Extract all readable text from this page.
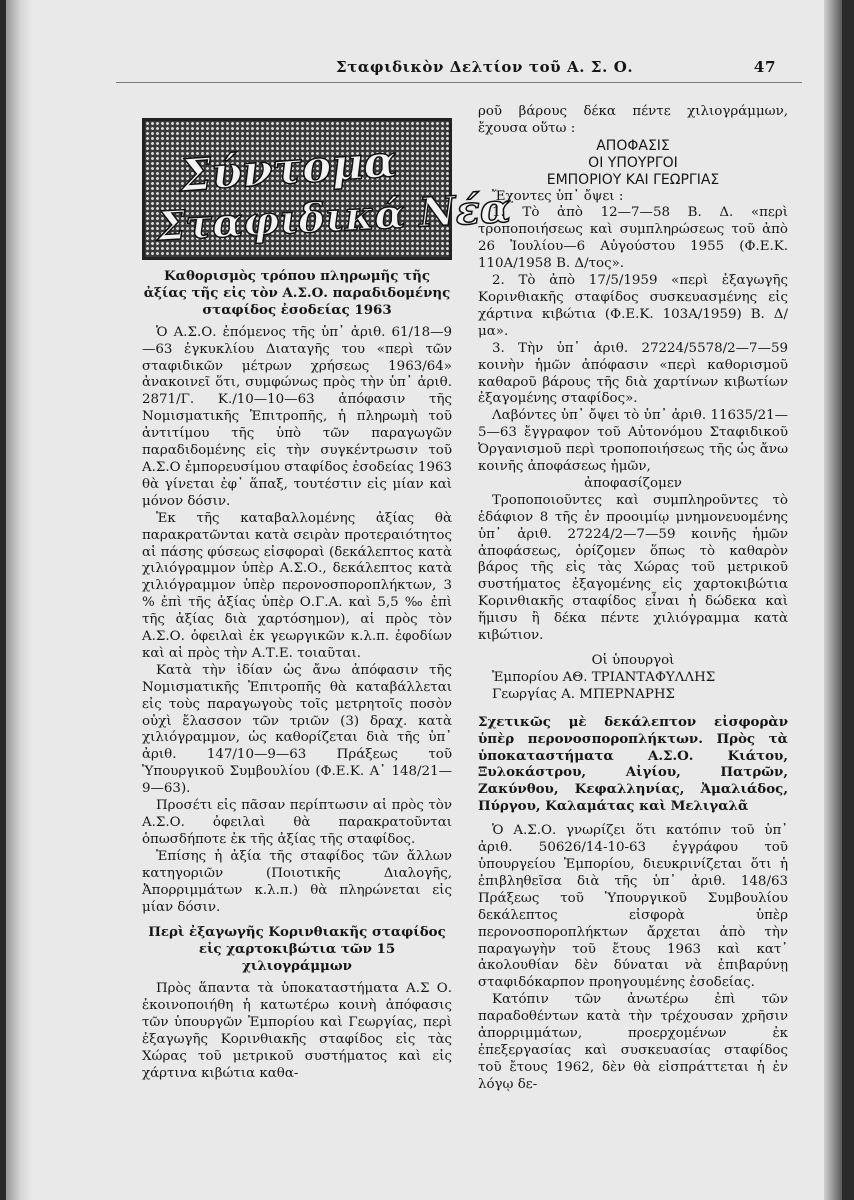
Σταφιδικὸν Δελτίον τοῦ Α. Σ. Ο.	47
Σύντομα
Σταφιδικά Νέα

Καθορισμὸς τρόπου πληρωμῆς τῆς ἀξίας τῆς εἰς τὸν Α.Σ.Ο. παραδιδομένης σταφίδος ἐσοδείας 1963

Ὁ Α.Σ.Ο. ἐπόμενος τῆς ὑπ᾽ ἀριθ. 61/18—9—63 ἐγκυκλίου Διαταγῆς του «περὶ τῶν σταφιδικῶν μέτρων χρήσεως 1963/64» ἀνακοινεῖ ὅτι, συμφώνως πρὸς τὴν ὑπ᾽ ἀριθ. 2871/Γ. Κ./10—10—63 ἀπόφασιν τῆς Νομισματικῆς Ἐπιτροπῆς, ἡ πληρωμὴ τοῦ ἀντιτίμου τῆς ὑπὸ τῶν παραγωγῶν παραδιδομένης εἰς τὴν συγκέντρωσιν τοῦ Α.Σ.Ο ἐμπορευσίμου σταφίδος ἐσοδείας 1963 θὰ γίνεται ἐφ᾽ ἅπαξ, τουτέστιν εἰς μίαν καὶ μόνον δόσιν.

Ἐκ τῆς καταβαλλομένης ἀξίας θὰ παρακρατῶνται κατὰ σειρὰν προτεραιότητος αἱ πάσης φύσεως εἰσφοραὶ (δεκάλεπτος κατὰ χιλιόγραμμον ὑπὲρ Α.Σ.Ο., δεκάλεπτος κατὰ χιλιόγραμμον ὑπὲρ περονοσποροπλήκτων, 3 % ἐπὶ τῆς ἀξίας ὑπὲρ Ο.Γ.Α. καὶ 5,5 ‰ ἐπὶ τῆς ἀξίας διὰ χαρτόσημον), αἱ πρὸς τὸν Α.Σ.Ο. ὀφειλαὶ ἐκ γεωργικῶν κ.λ.π. ἐφοδίων καὶ αἱ πρὸς τὴν Α.Τ.Ε. τοιαῦται.

Κατὰ τὴν ἰδίαν ὡς ἄνω ἀπόφασιν τῆς Νομισματικῆς Ἐπιτροπῆς θὰ καταβάλλεται εἰς τοὺς παραγωγοὺς τοῖς μετρητοῖς ποσὸν οὐχὶ ἔλασσον τῶν τριῶν (3) δραχ. κατὰ χιλιόγραμμον, ὡς καθορίζεται διὰ τῆς ὑπ᾽ ἀριθ. 147/10—9—63 Πράξεως τοῦ Ὑπουργικοῦ Συμβουλίου (Φ.Ε.Κ. Α᾽ 148/21—9—63).

Προσέτι εἰς πᾶσαν περίπτωσιν αἱ πρὸς τὸν Α.Σ.Ο. ὀφειλαὶ θὰ παρακρατοῦνται ὁπωσδήποτε ἐκ τῆς ἀξίας τῆς σταφίδος.

Ἐπίσης ἡ ἀξία τῆς σταφίδος τῶν ἄλλων κατηγοριῶν (Ποιοτικῆς Διαλογῆς, Ἀπορριμμάτων κ.λ.π.) θὰ πληρώνεται εἰς μίαν δόσιν.

Περὶ ἐξαγωγῆς Κορινθιακῆς σταφίδος εἰς χαρτοκιβώτια τῶν 15 χιλιογράμμων

Πρὸς ἅπαντα τὰ ὑποκαταστήματα Α.Σ Ο. ἐκοινοποιήθη ἡ κατωτέρω κοινὴ ἀπόφασις τῶν ὑπουργῶν Ἐμπορίου καὶ Γεωργίας, περὶ ἐξαγωγῆς Κορινθιακῆς σταφίδος εἰς τὰς Χώρας τοῦ μετρικοῦ συστήματος καὶ εἰς χάρτινα κιβώτια καθα-

ροῦ βάρους δέκα πέντε χιλιογράμμων, ἔχουσα οὕτω :

ΑΠΟΦΑΣΙΣ

ΟΙ ΥΠΟΥΡΓΟΙ

ΕΜΠΟΡΙΟΥ ΚΑΙ ΓΕΩΡΓΙΑΣ

Ἔχοντες ὑπ᾽ ὄψει :

1. Τὸ ἀπὸ 12—7—58 Β. Δ. «περὶ τροποποιήσεως καὶ συμπληρώσεως τοῦ ἀπὸ 26 Ἰουλίου—6 Αὐγούστου 1955 (Φ.Ε.Κ. 110Α/1958 Β. Δ/τος».

2. Τὸ ἀπὸ 17/5/1959 «περὶ ἐξαγωγῆς Κορινθιακῆς σταφίδος συσκευασμένης εἰς χάρτινα κιβώτια (Φ.Ε.Κ. 103Α/1959) Β. Δ/μα».

3. Τὴν ὑπ᾽ ἀριθ. 27224/5578/2—7—59 κοινὴν ἡμῶν ἀπόφασιν «περὶ καθορισμοῦ καθαροῦ βάρους τῆς διὰ χαρτίνων κιβωτίων ἐξαγομένης σταφίδος».

Λαβόντες ὑπ᾽ ὄψει τὸ ὑπ᾽ ἀριθ. 11635/21—5—63 ἔγγραφον τοῦ Αὐτονόμου Σταφιδικοῦ Ὀργανισμοῦ περὶ τροποποιήσεως τῆς ὡς ἄνω κοινῆς ἀποφάσεως ἡμῶν,

ἀποφασίζομεν

Τροποποιοῦντες καὶ συμπληροῦντες τὸ ἐδάφιον 8 τῆς ἐν προοιμίῳ μνημονευομένης ὑπ᾽ ἀριθ. 27224/2—7—59 κοινῆς ἡμῶν ἀποφάσεως, ὁρίζομεν ὅπως τὸ καθαρὸν βάρος τῆς εἰς τὰς Χώρας τοῦ μετρικοῦ συστήματος ἐξαγομένης εἰς χαρτοκιβώτια Κορινθιακῆς σταφίδος εἶναι ἡ δώδεκα καὶ ἥμισυ ἢ δέκα πέντε χιλιόγραμμα κατὰ κιβώτιον.

Οἱ ὑπουργοὶ

Ἐμπορίου ΑΘ. ΤΡΙΑΝΤΑΦΥΛΛΗΣ

Γεωργίας Α. ΜΠΕΡΝΑΡΗΣ

Σχετικῶς μὲ δεκάλεπτον εἰσφορὰν ὑπὲρ περονοσποροπλήκτων. Πρὸς τὰ ὑποκαταστήματα Α.Σ.Ο. Κιάτου, Ξυλοκάστρου, Αἰγίου, Πατρῶν, Ζακύνθου, Κεφαλληνίας, Ἀμαλιάδος, Πύργου, Καλαμάτας καὶ Μελιγαλᾶ

Ὁ Α.Σ.Ο. γνωρίζει ὅτι κατόπιν τοῦ ὑπ᾽ ἀριθ. 50626/14-10-63 ἐγγράφου τοῦ ὑπουργείου Ἐμπορίου, διευκρινίζεται ὅτι ἡ ἐπιβληθεῖσα διὰ τῆς ὑπ᾽ ἀριθ. 148/63 Πράξεως τοῦ Ὑπουργικοῦ Συμβουλίου δεκάλεπτος εἰσφορὰ ὑπὲρ περονοσποροπλήκτων ἄρχεται ἀπὸ τὴν παραγωγὴν τοῦ ἔτους 1963 καὶ κατ᾽ ἀκολουθίαν δὲν δύναται νὰ ἐπιβαρύνῃ σταφιδόκαρπον προηγουμένης ἐσοδείας.

Κατόπιν τῶν ἀνωτέρω ἐπὶ τῶν παραδοθέντων κατὰ τὴν τρέχουσαν χρῆσιν ἀπορριμμάτων, προερχομένων ἐκ ἐπεξεργασίας καὶ συσκευασίας σταφίδος τοῦ ἔτους 1962, δὲν θὰ εἰσπράττεται ἡ ἐν λόγῳ δε-
